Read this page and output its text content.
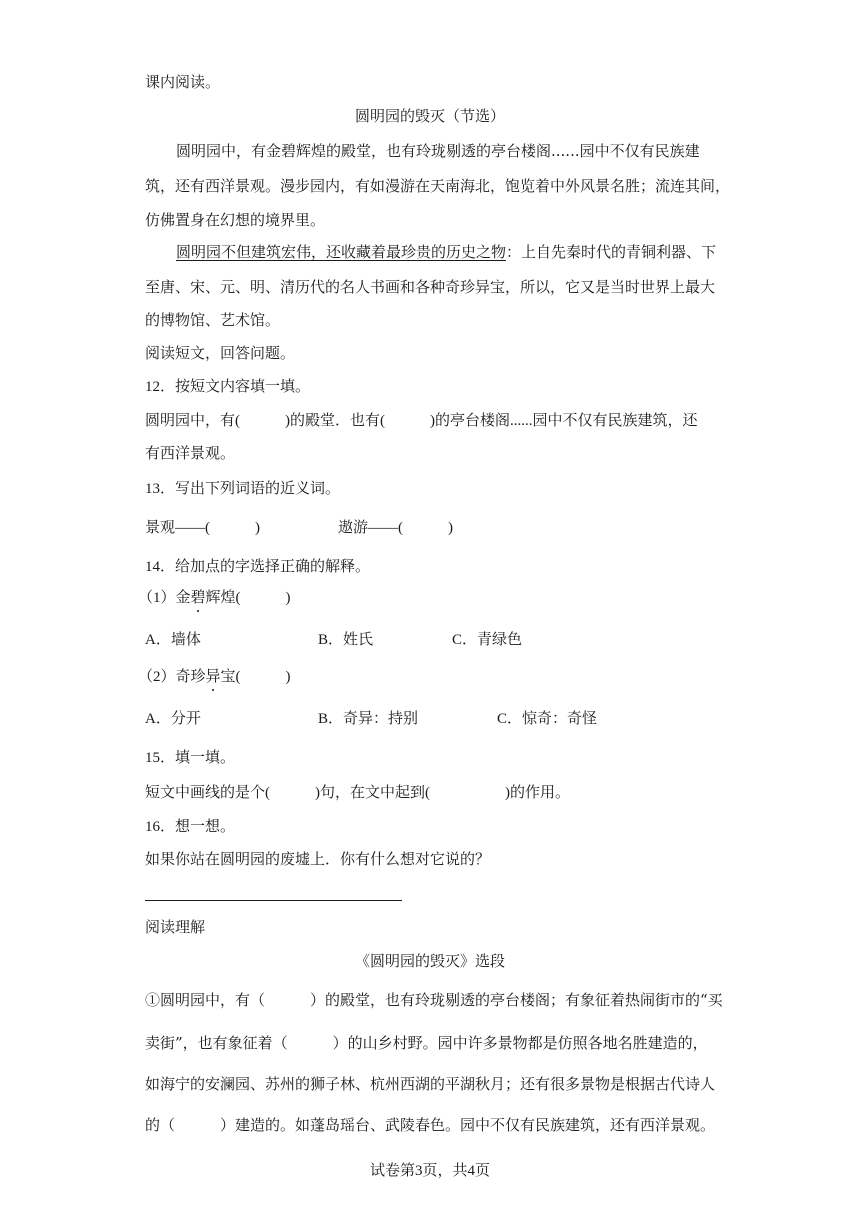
课内阅读。
圆明园的毁灭（节选）
圆明园中，有金碧辉煌的殿堂，也有玲珑剔透的亭台楼阁......园中不仅有民族建
筑，还有西洋景观。漫步园内，有如漫游在天南海北，饱览着中外风景名胜；流连其间，
仿佛置身在幻想的境界里。
圆明园不但建筑宏伟，还收藏着最珍贵的历史之物：上自先秦时代的青铜利器、下
至唐、宋、元、明、清历代的名人书画和各种奇珍异宝，所以，它又是当时世界上最大
的博物馆、艺术馆。
阅读短文，回答问题。
12．按短文内容填一填。
圆明园中，有(　　　)的殿堂．也有(　　　)的亭台楼阁......园中不仅有民族建筑，还
有西洋景观。
13．写出下列词语的近义词。
景观——(　　　)	遨游——(　　　)
14．给加点的字选择正确的解释。
（1）金碧辉煌(　　　)
A．墙体	B．姓氏	C．青绿色
（2）奇珍异宝(　　　)
A．分开	B．奇异：持别	C．惊奇：奇怪
15．填一填。
短文中画线的是个(　　　)句，在文中起到(　　　　　)的作用。
16．想一想。
如果你站在圆明园的废墟上．你有什么想对它说的？
阅读理解
《圆明园的毁灭》选段
①圆明园中，有（　　　）的殿堂，也有玲珑剔透的亭台楼阁；有象征着热闹街市的“买
卖街”，也有象征着（　　　）的山乡村野。园中许多景物都是仿照各地名胜建造的，
如海宁的安澜园、苏州的狮子林、杭州西湖的平湖秋月；还有很多景物是根据古代诗人
的（　　　）建造的。如蓬岛瑶台、武陵春色。园中不仅有民族建筑，还有西洋景观。
试卷第3页，共4页
